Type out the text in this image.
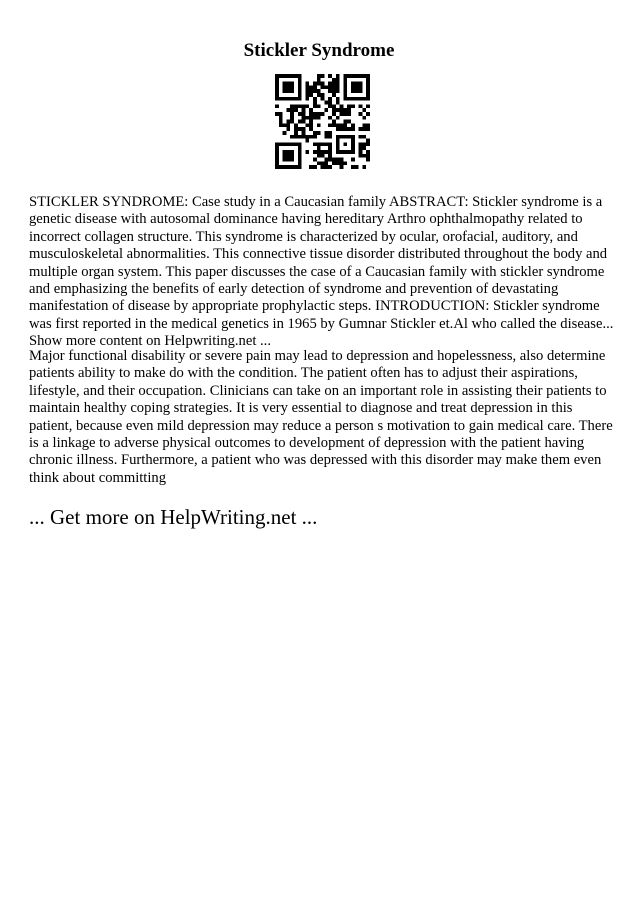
Stickler Syndrome

STICKLER SYNDROME: Case study in a Caucasian family ABSTRACT: Stickler syndrome is a
genetic disease with autosomal dominance having hereditary Arthro ophthalmopathy related to
incorrect collagen structure. This syndrome is characterized by ocular, orofacial, auditory, and
musculoskeletal abnormalities. This connective tissue disorder distributed throughout the body and
multiple organ system. This paper discusses the case of a Caucasian family with stickler syndrome
and emphasizing the benefits of early detection of syndrome and prevention of devastating
manifestation of disease by appropriate prophylactic steps. INTRODUCTION: Stickler syndrome
was first reported in the medical genetics in 1965 by Gumnar Stickler et.Al who called the disease...
Show more content on Helpwriting.net ...

Major functional disability or severe pain may lead to depression and hopelessness, also determine
patients ability to make do with the condition. The patient often has to adjust their aspirations,
lifestyle, and their occupation. Clinicians can take on an important role in assisting their patients to
maintain healthy coping strategies. It is very essential to diagnose and treat depression in this
patient, because even mild depression may reduce a person s motivation to gain medical care. There
is a linkage to adverse physical outcomes to development of depression with the patient having
chronic illness. Furthermore, a patient who was depressed with this disorder may make them even
think about committing

... Get more on HelpWriting.net ...
